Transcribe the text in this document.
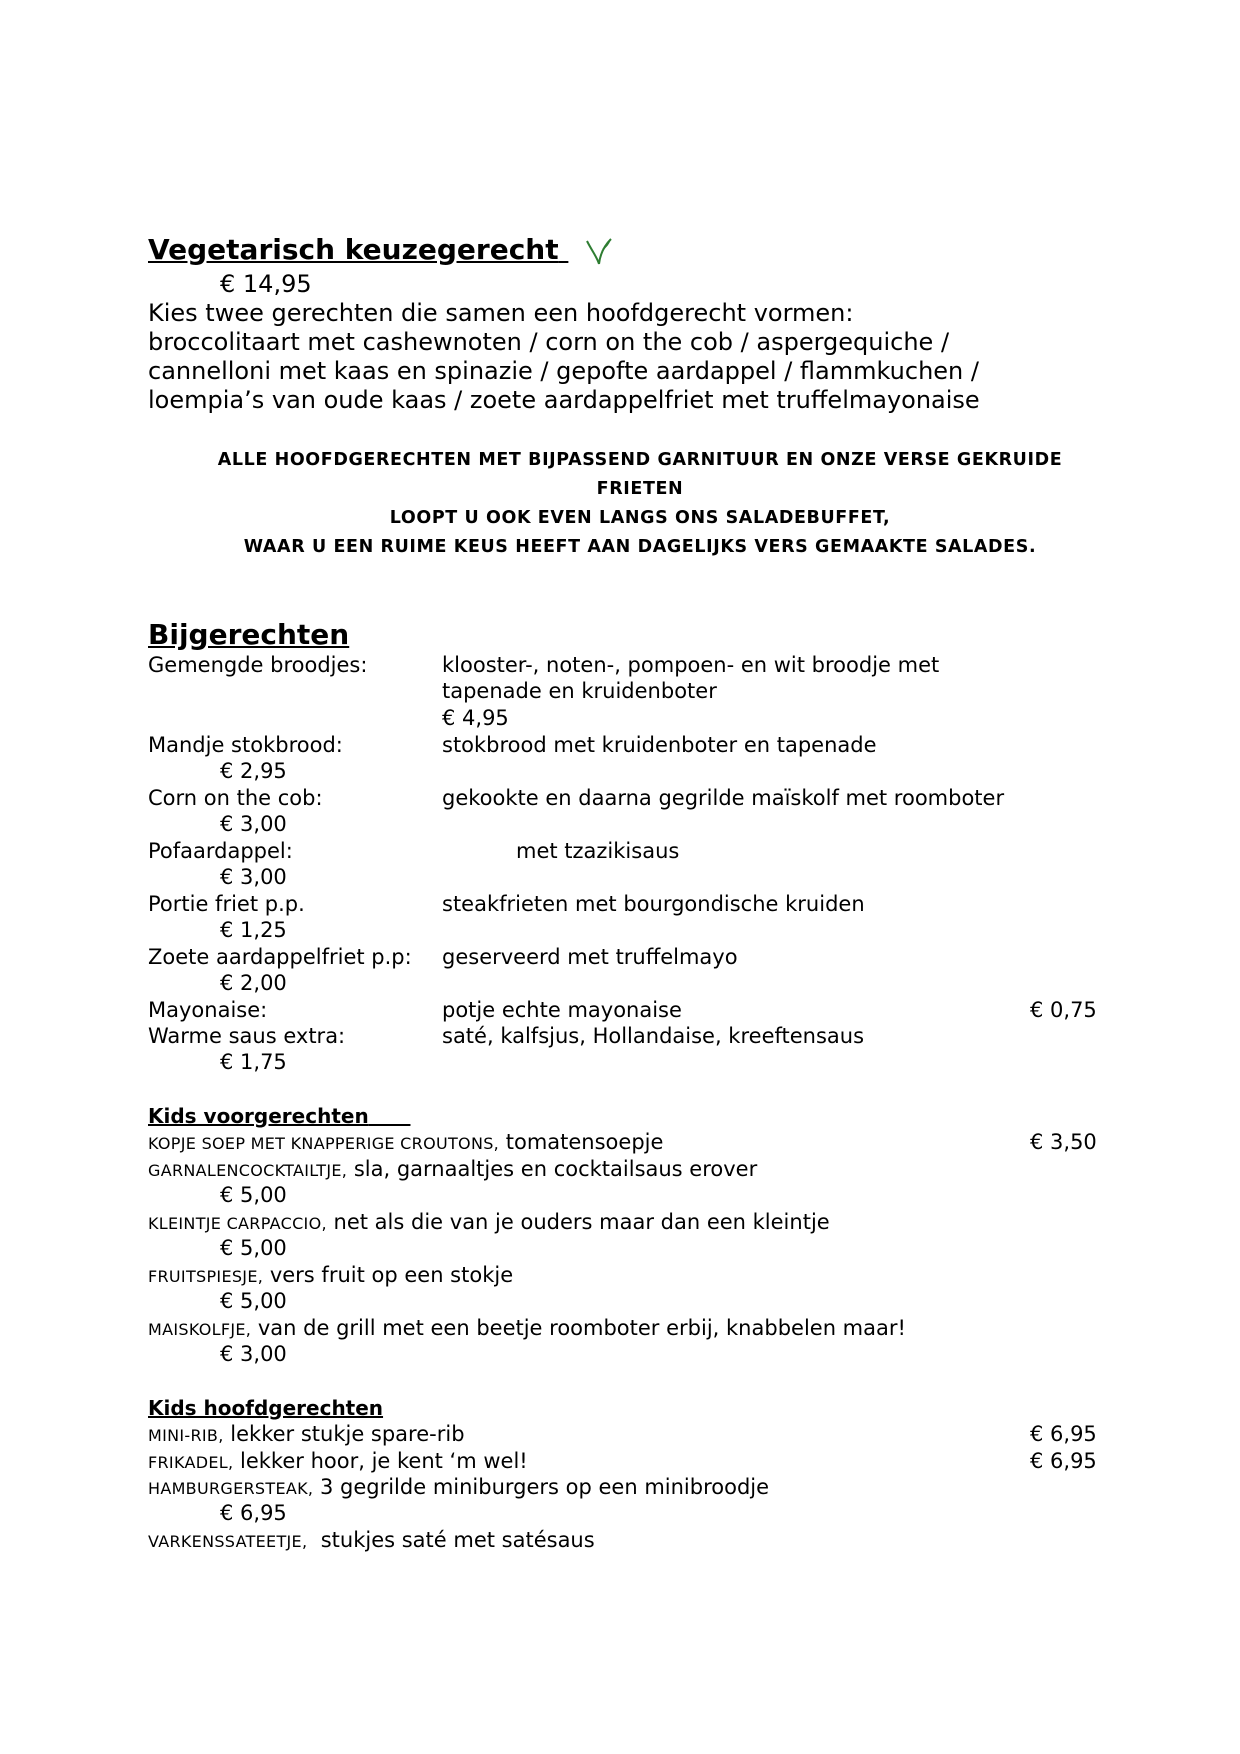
Vegetarisch keuzegerecht
€ 14,95
Kies twee gerechten die samen een hoofdgerecht vormen:
broccolitaart met cashewnoten / corn on the cob / aspergequiche /
cannelloni met kaas en spinazie / gepofte aardappel / flammkuchen /
loempia’s van oude kaas / zoete aardappelfriet met truffelmayonaise
ALLE HOOFDGERECHTEN MET BIJPASSEND GARNITUUR EN ONZE VERSE GEKRUIDE
FRIETEN
LOOPT U OOK EVEN LANGS ONS SALADEBUFFET,
WAAR U EEN RUIME KEUS HEEFT AAN DAGELIJKS VERS GEMAAKTE SALADES.
Bijgerechten
Gemengde broodjes:	klooster-, noten-, pompoen- en wit broodje met
tapenade en kruidenboter
€ 4,95
Mandje stokbrood:	stokbrood met kruidenboter en tapenade
€ 2,95
Corn on the cob:	gekookte en daarna gegrilde maïskolf met roomboter
€ 3,00
Pofaardappel:	met tzazikisaus
€ 3,00
Portie friet p.p.	steakfrieten met bourgondische kruiden
€ 1,25
Zoete aardappelfriet p.p: geserveerd met truffelmayo
€ 2,00
Mayonaise:	potje echte mayonaise	€ 0,75
Warme saus extra:	saté, kalfsjus, Hollandaise, kreeftensaus
€ 1,75
Kids voorgerechten
KOPJE SOEP MET KNAPPERIGE CROUTONS, tomatensoepje	€ 3,50
GARNALENCOCKTAILTJE, sla, garnaaltjes en cocktailsaus erover
€ 5,00
KLEINTJE CARPACCIO, net als die van je ouders maar dan een kleintje
€ 5,00
FRUITSPIESJE, vers fruit op een stokje
€ 5,00
MAISKOLFJE, van de grill met een beetje roomboter erbij, knabbelen maar!
€ 3,00
Kids hoofdgerechten
MINI-RIB, lekker stukje spare-rib	€ 6,95
FRIKADEL, lekker hoor, je kent ‘m wel!	€ 6,95
HAMBURGERSTEAK, 3 gegrilde miniburgers op een minibroodje
€ 6,95
VARKENSSATEETJE, stukjes saté met satésaus
